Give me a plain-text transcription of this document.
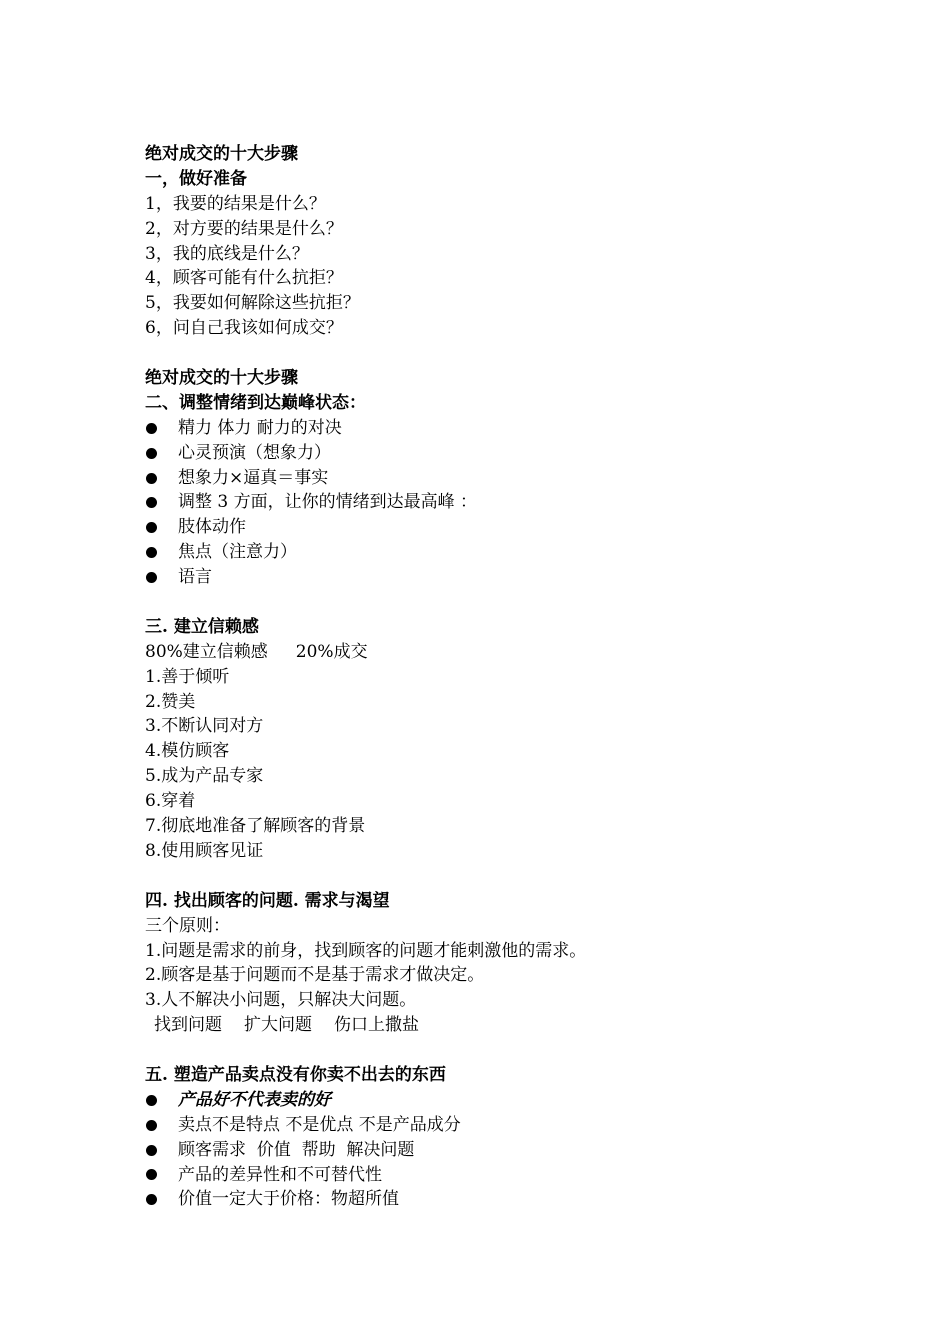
绝对成交的十大步骤
一，做好准备
1，我要的结果是什么？
2，对方要的结果是什么？
3，我的底线是什么？
4，顾客可能有什么抗拒？
5，我要如何解除这些抗拒？
6，问自己我该如何成交？
绝对成交的十大步骤
二、调整情绪到达巅峰状态：
精力 体力 耐力的对决
心灵预演（想象力）
想象力×逼真＝事实
调整 3 方面，让你的情绪到达最高峰 ：
肢体动作
焦点（注意力）
语言
三. 建立信赖感
80%建立信赖感 20%成交
1.善于倾听
2.赞美
3.不断认同对方
4.模仿顾客
5.成为产品专家
6.穿着
7.彻底地准备了解顾客的背景
8.使用顾客见证
四. 找出顾客的问题. 需求与渴望
三个原则：
1.问题是需求的前身，找到顾客的问题才能刺激他的需求。
2.顾客是基于问题而不是基于需求才做决定。
3.人不解决小问题，只解决大问题。
找到问题 扩大问题 伤口上撒盐
五. 塑造产品卖点没有你卖不出去的东西
产品好不代表卖的好
卖点不是特点 不是优点 不是产品成分
顾客需求  价值  帮助  解决问题
产品的差异性和不可替代性
价值一定大于价格：物超所值
